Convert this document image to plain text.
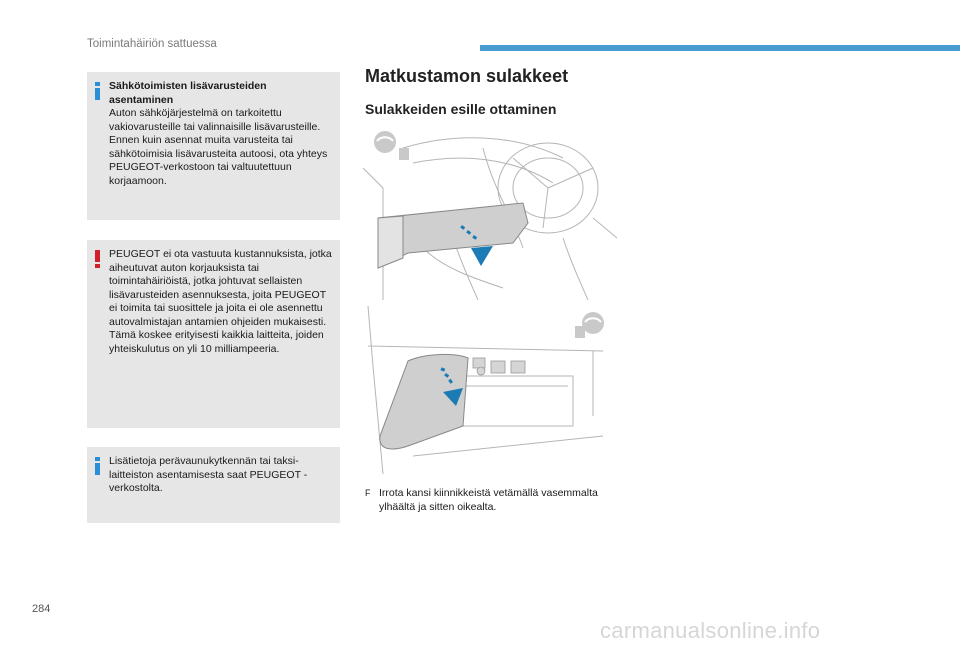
Toimintahäiriön sattuessa

Sähkötoimisten lisävarusteiden asentaminen

Auton sähköjärjestelmä on tarkoitettu vakiovarusteille tai valinnaisille lisävarusteille. Ennen kuin asennat muita varusteita tai sähkötoimisia lisävarusteita autoosi, ota yhteys PEUGEOT-verkostoon tai valtuutettuun korjaamoon.

PEUGEOT ei ota vastuuta kustannuksista, jotka aiheutuvat auton korjauksista tai toimintahäiriöistä, jotka johtuvat sellaisten lisävarusteiden asennuksesta, joita PEUGEOT ei toimita tai suosittele ja joita ei ole asennettu autovalmistajan antamien ohjeiden mukaisesti. Tämä koskee erityisesti kaikkia laitteita, joiden yhteiskulutus on yli 10 milliampeeria.

Lisätietoja perävaunukytkennän tai taksi-laitteiston asentamisesta saat PEUGEOT -verkostolta.

Matkustamon sulakkeet
Sulakkeiden esille ottaminen
F Irrota kansi kiinnikkeistä vetämällä vasemmalta ylhäältä ja sitten oikealta.
284
carmanualsonline.info
